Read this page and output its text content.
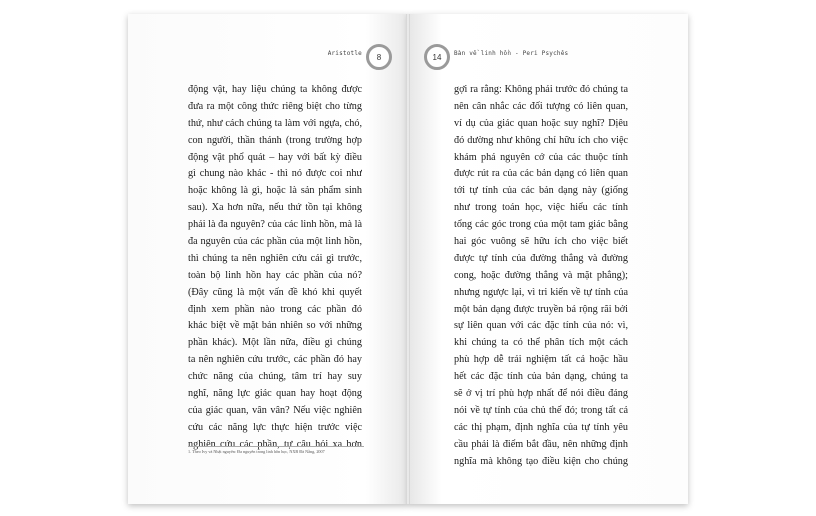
Aristotle	8
động vật, hay liệu chúng ta không được
đưa ra một công thức riêng biệt cho từng
thứ, như cách chúng ta làm với ngựa, chó,
con người, thần thánh (trong trường hợp
động vật phổ quát – hay với bất kỳ điều
gì chung nào khác - thì nó được coi như
hoặc không là gì, hoặc là sản phẩm sinh
sau). Xa hơn nữa, nếu thứ tồn tại không
phải là đa nguyên? của các linh hồn, mà là
đa nguyên của các phần của một linh hồn,
thì chúng ta nên nghiên cứu cái gì trước,
toàn bộ linh hồn hay các phần của nó?
(Đây cũng là một vấn đề khó khi quyết
định xem phần nào trong các phần đó
khác biệt về mặt bản nhiên so với những
phần khác). Một lần nữa, điều gì chúng
ta nên nghiên cứu trước, các phần đó hay
chức năng của chúng, tâm trí hay suy
nghĩ, năng lực giác quan hay hoạt động
của giác quan, vân vân? Nếu việc nghiên
cứu các năng lực thực hiện trước việc
nghiên cứu các phần, tự câu hỏi xa hơn
1. Theo Ivy và Nhật nguyên: Đa nguyên trong linh hồn học, NXB Đà Nẵng, 2007
Bàn về linh hồn - Peri Psychês
14
gợi ra rằng: Không phải trước đó chúng ta
nên cân nhắc các đối tượng có liên quan,
ví dụ của giác quan hoặc suy nghĩ? Dịêu
đó dường như không chỉ hữu ích cho việc
khám phá nguyên cớ của các thuộc tính
được rút ra của các bản dạng có liên quan
tới tự tính của các bản dạng này (giống
như trong toán học, việc hiểu các tính
tổng các góc trong của một tam giác bằng
hai góc vuông sẽ hữu ích cho việc biết
được tự tính của đường thẳng và đường
cong, hoặc đường thẳng và mặt phẳng);
nhưng ngược lại, vì tri kiến về tự tính của
một bản dạng được truyền bá rộng rãi bởi
sự liên quan với các đặc tính của nó: vì,
khi chúng ta có thể phân tích một cách
phù hợp dễ trải nghiệm tất cả hoặc hầu
hết các đặc tính của bản dạng, chúng ta
sẽ ở vị trí phù hợp nhất để nói điều đáng
nói về tự tính của chủ thể đó; trong tất cả
các thị phạm, định nghĩa của tự tính yêu
cầu phải là điểm bắt đầu, nên những định
nghĩa mà không tạo điều kiện cho chúng
